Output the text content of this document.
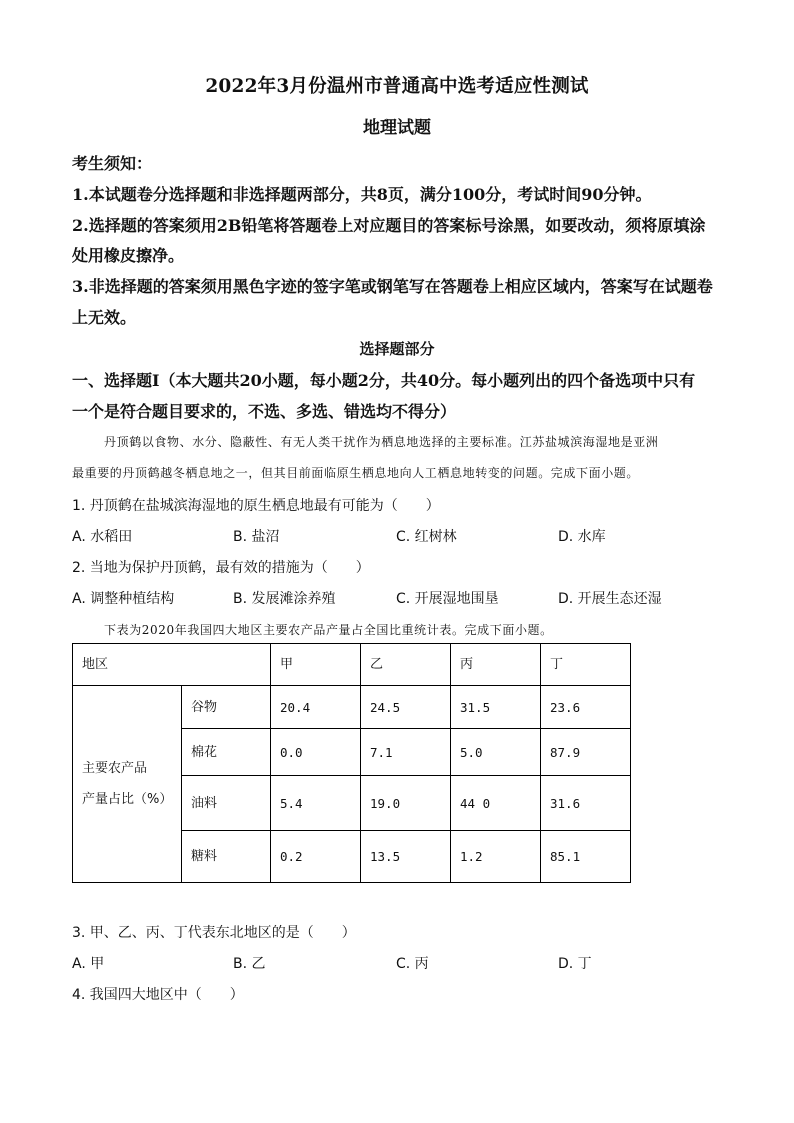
2022年3月份温州市普通高中选考适应性测试
地理试题
考生须知：
1.本试题卷分选择题和非选择题两部分，共8页，满分100分，考试时间90分钟。
2.选择题的答案须用2B铅笔将答题卷上对应题目的答案标号涂黑，如要改动，须将原填涂
处用橡皮擦净。
3.非选择题的答案须用黑色字迹的签字笔或钢笔写在答题卷上相应区域内，答案写在试题卷
上无效。
选择题部分
一、选择题Ⅰ（本大题共20小题，每小题2分，共40分。每小题列出的四个备选项中只有
一个是符合题目要求的，不选、多选、错选均不得分）
丹顶鹤以食物、水分、隐蔽性、有无人类干扰作为栖息地选择的主要标准。江苏盐城滨海湿地是亚洲
最重要的丹顶鹤越冬栖息地之一，但其目前面临原生栖息地向人工栖息地转变的问题。完成下面小题。
1. 丹顶鹤在盐城滨海湿地的原生栖息地最有可能为（　　）
A. 水稻田	B. 盐沼	C. 红树林	D. 水库
2. 当地为保护丹顶鹤，最有效的措施为（　　）
A. 调整种植结构	B. 发展滩涂养殖	C. 开展湿地围垦	D. 开展生态还湿
下表为2020年我国四大地区主要农产品产量占全国比重统计表。完成下面小题。
地区		甲	乙	丙	丁

主要农产品
产量占比（%）	谷物	20.4	24.5	31.5	23.6
	棉花	0.0	7.1	5.0	87.9
	油料	5.4	19.0	44 0	31.6
	糖料	0.2	13.5	1.2	85.1
3. 甲、乙、丙、丁代表东北地区的是（　　）
A. 甲	B. 乙	C. 丙	D. 丁
4. 我国四大地区中（　　）
